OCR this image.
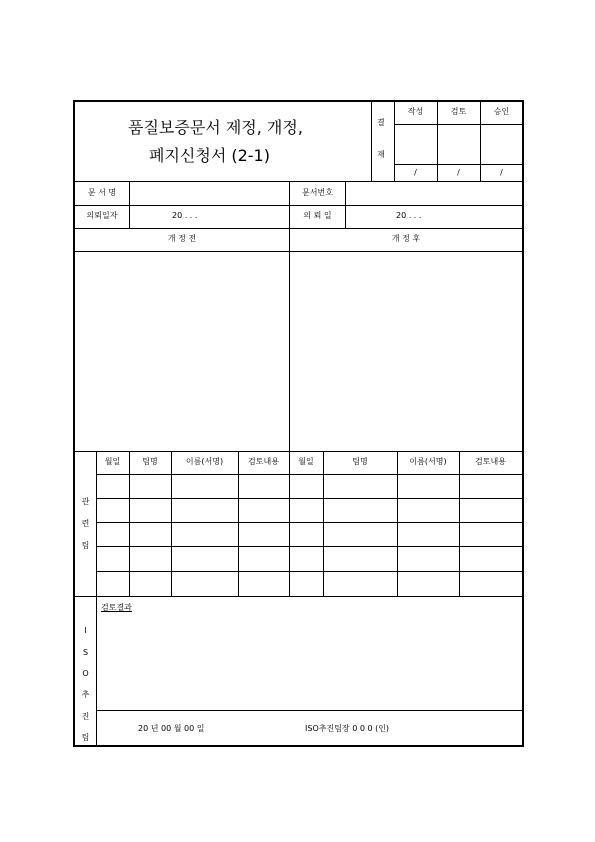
품질보증문서 제정, 개정,
폐지신청서 (2-1)
결
재
작성	검토	승인
/	/	/
문 서 명	문서번호
의뢰일자	20 . . .	의 뢰 일	20 . . .
개 정 전	개 정 후
관
련
팀
월일	팀명	이름(서명)	검토내용	월일	팀명	이름(서명)	검토내용
I
S
O
추
진
팀
검토결과
20 년 00 월 00 일	ISO추진팀장 0 0 0 (인)
